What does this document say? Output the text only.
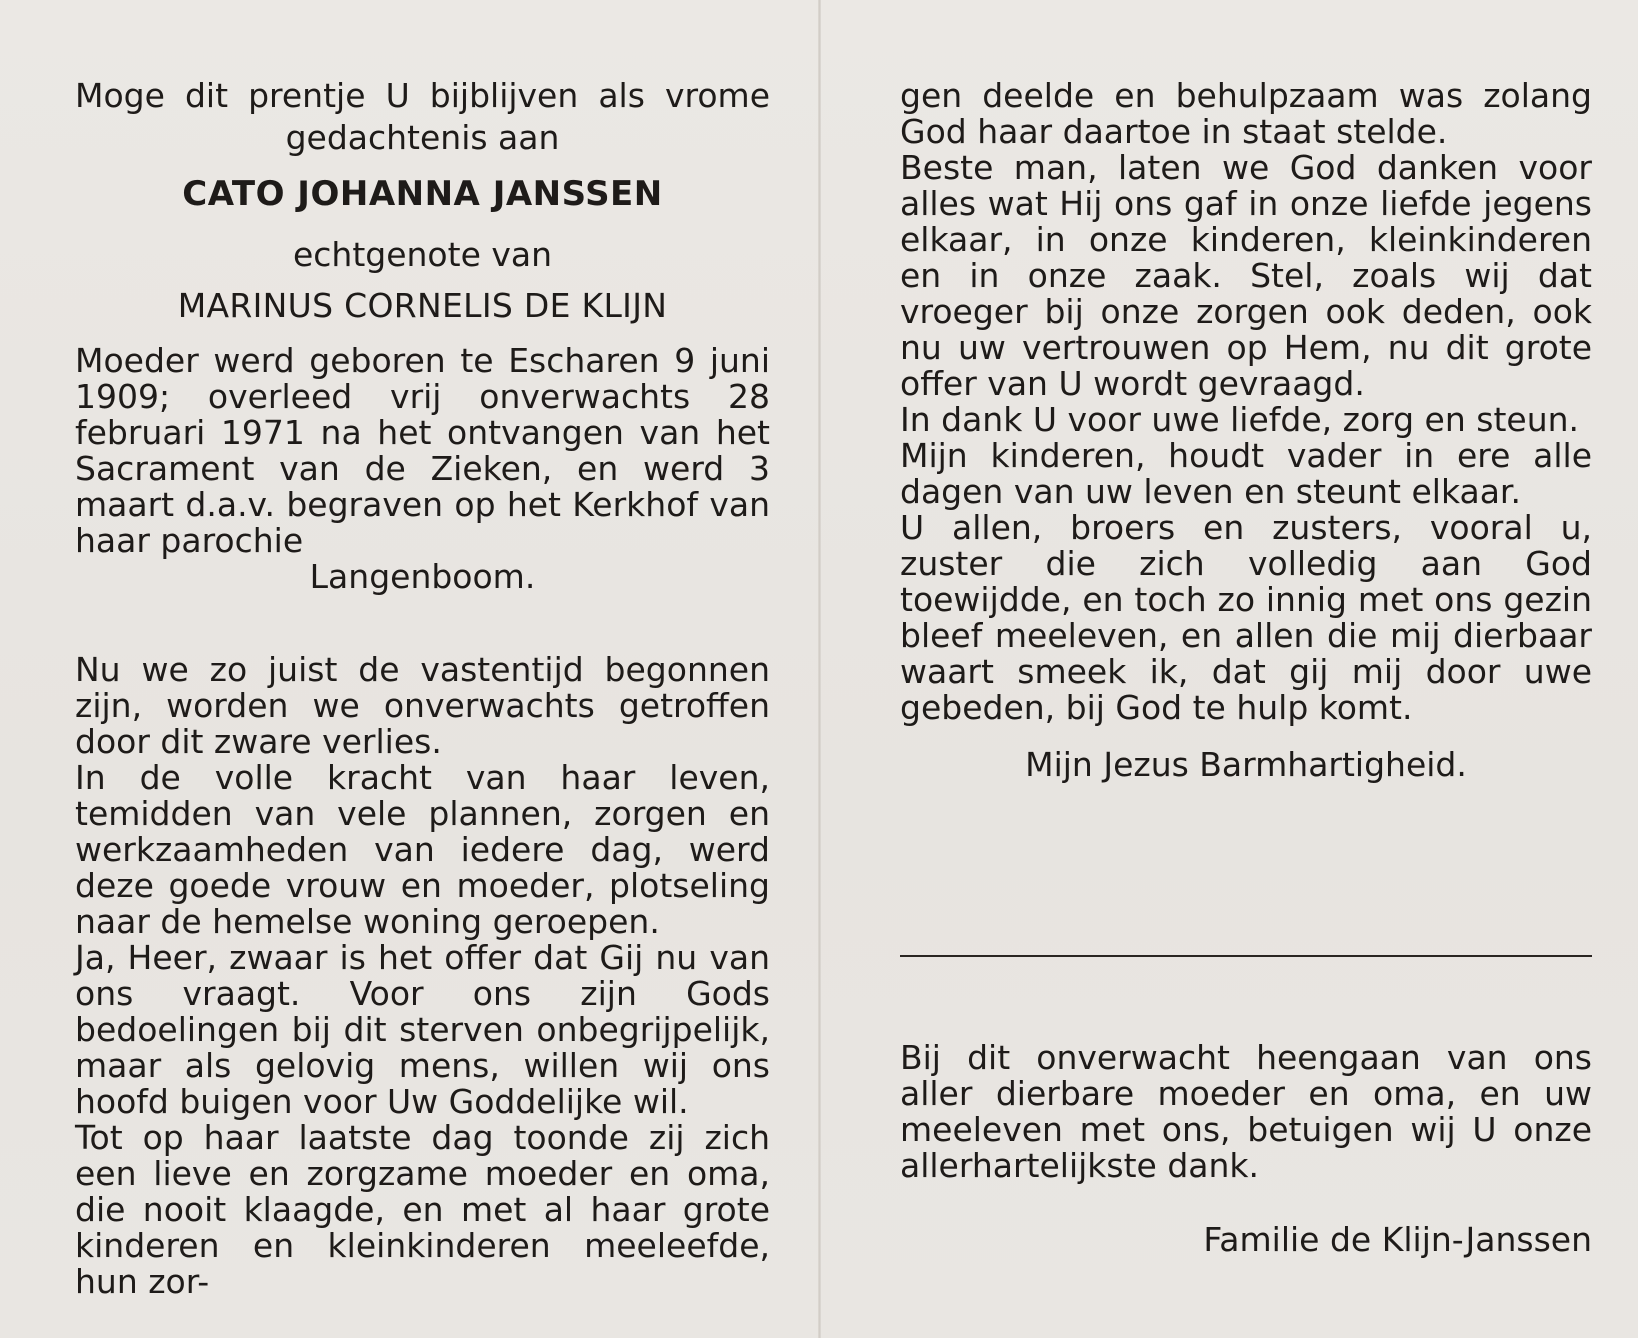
Moge dit prentje U bijblijven als vrome
gedachtenis aan
CATO JOHANNA JANSSEN
echtgenote van
MARINUS CORNELIS DE KLIJN
Moeder werd geboren te Escharen 9 juni 1909; overleed vrij onverwachts 28 februari 1971 na het ontvangen van het Sacrament van de Zieken, en werd 3 maart d.a.v. begraven op het Kerkhof van haar parochie
Langenboom.
Nu we zo juist de vastentijd begonnen zijn, worden we onverwachts getroffen door dit zware verlies.
In de volle kracht van haar leven, temidden van vele plannen, zorgen en werkzaamheden van iedere dag, werd deze goede vrouw en moeder, plotseling naar de hemelse woning geroepen.
Ja, Heer, zwaar is het offer dat Gij nu van ons vraagt. Voor ons zijn Gods bedoelingen bij dit sterven onbegrijpelijk, maar als gelovig mens, willen wij ons hoofd buigen voor Uw Goddelijke wil.
Tot op haar laatste dag toonde zij zich een lieve en zorgzame moeder en oma, die nooit klaagde, en met al haar grote kinderen en kleinkinderen meeleefde, hun zor-
gen deelde en behulpzaam was zolang God haar daartoe in staat stelde.
Beste man, laten we God danken voor alles wat Hij ons gaf in onze liefde jegens elkaar, in onze kinderen, kleinkinderen en in onze zaak. Stel, zoals wij dat vroeger bij onze zorgen ook deden, ook nu uw vertrouwen op Hem, nu dit grote offer van U wordt gevraagd.
In dank U voor uwe liefde, zorg en steun.
Mijn kinderen, houdt vader in ere alle dagen van uw leven en steunt elkaar.
U allen, broers en zusters, vooral u, zuster die zich volledig aan God toewijdde, en toch zo innig met ons gezin bleef meeleven, en allen die mij dierbaar waart smeek ik, dat gij mij door uwe gebeden, bij God te hulp komt.
Mijn Jezus Barmhartigheid.
Bij dit onverwacht heengaan van ons aller dierbare moeder en oma, en uw meeleven met ons, betuigen wij U onze allerhartelijkste dank.
Familie de Klijn-Janssen
